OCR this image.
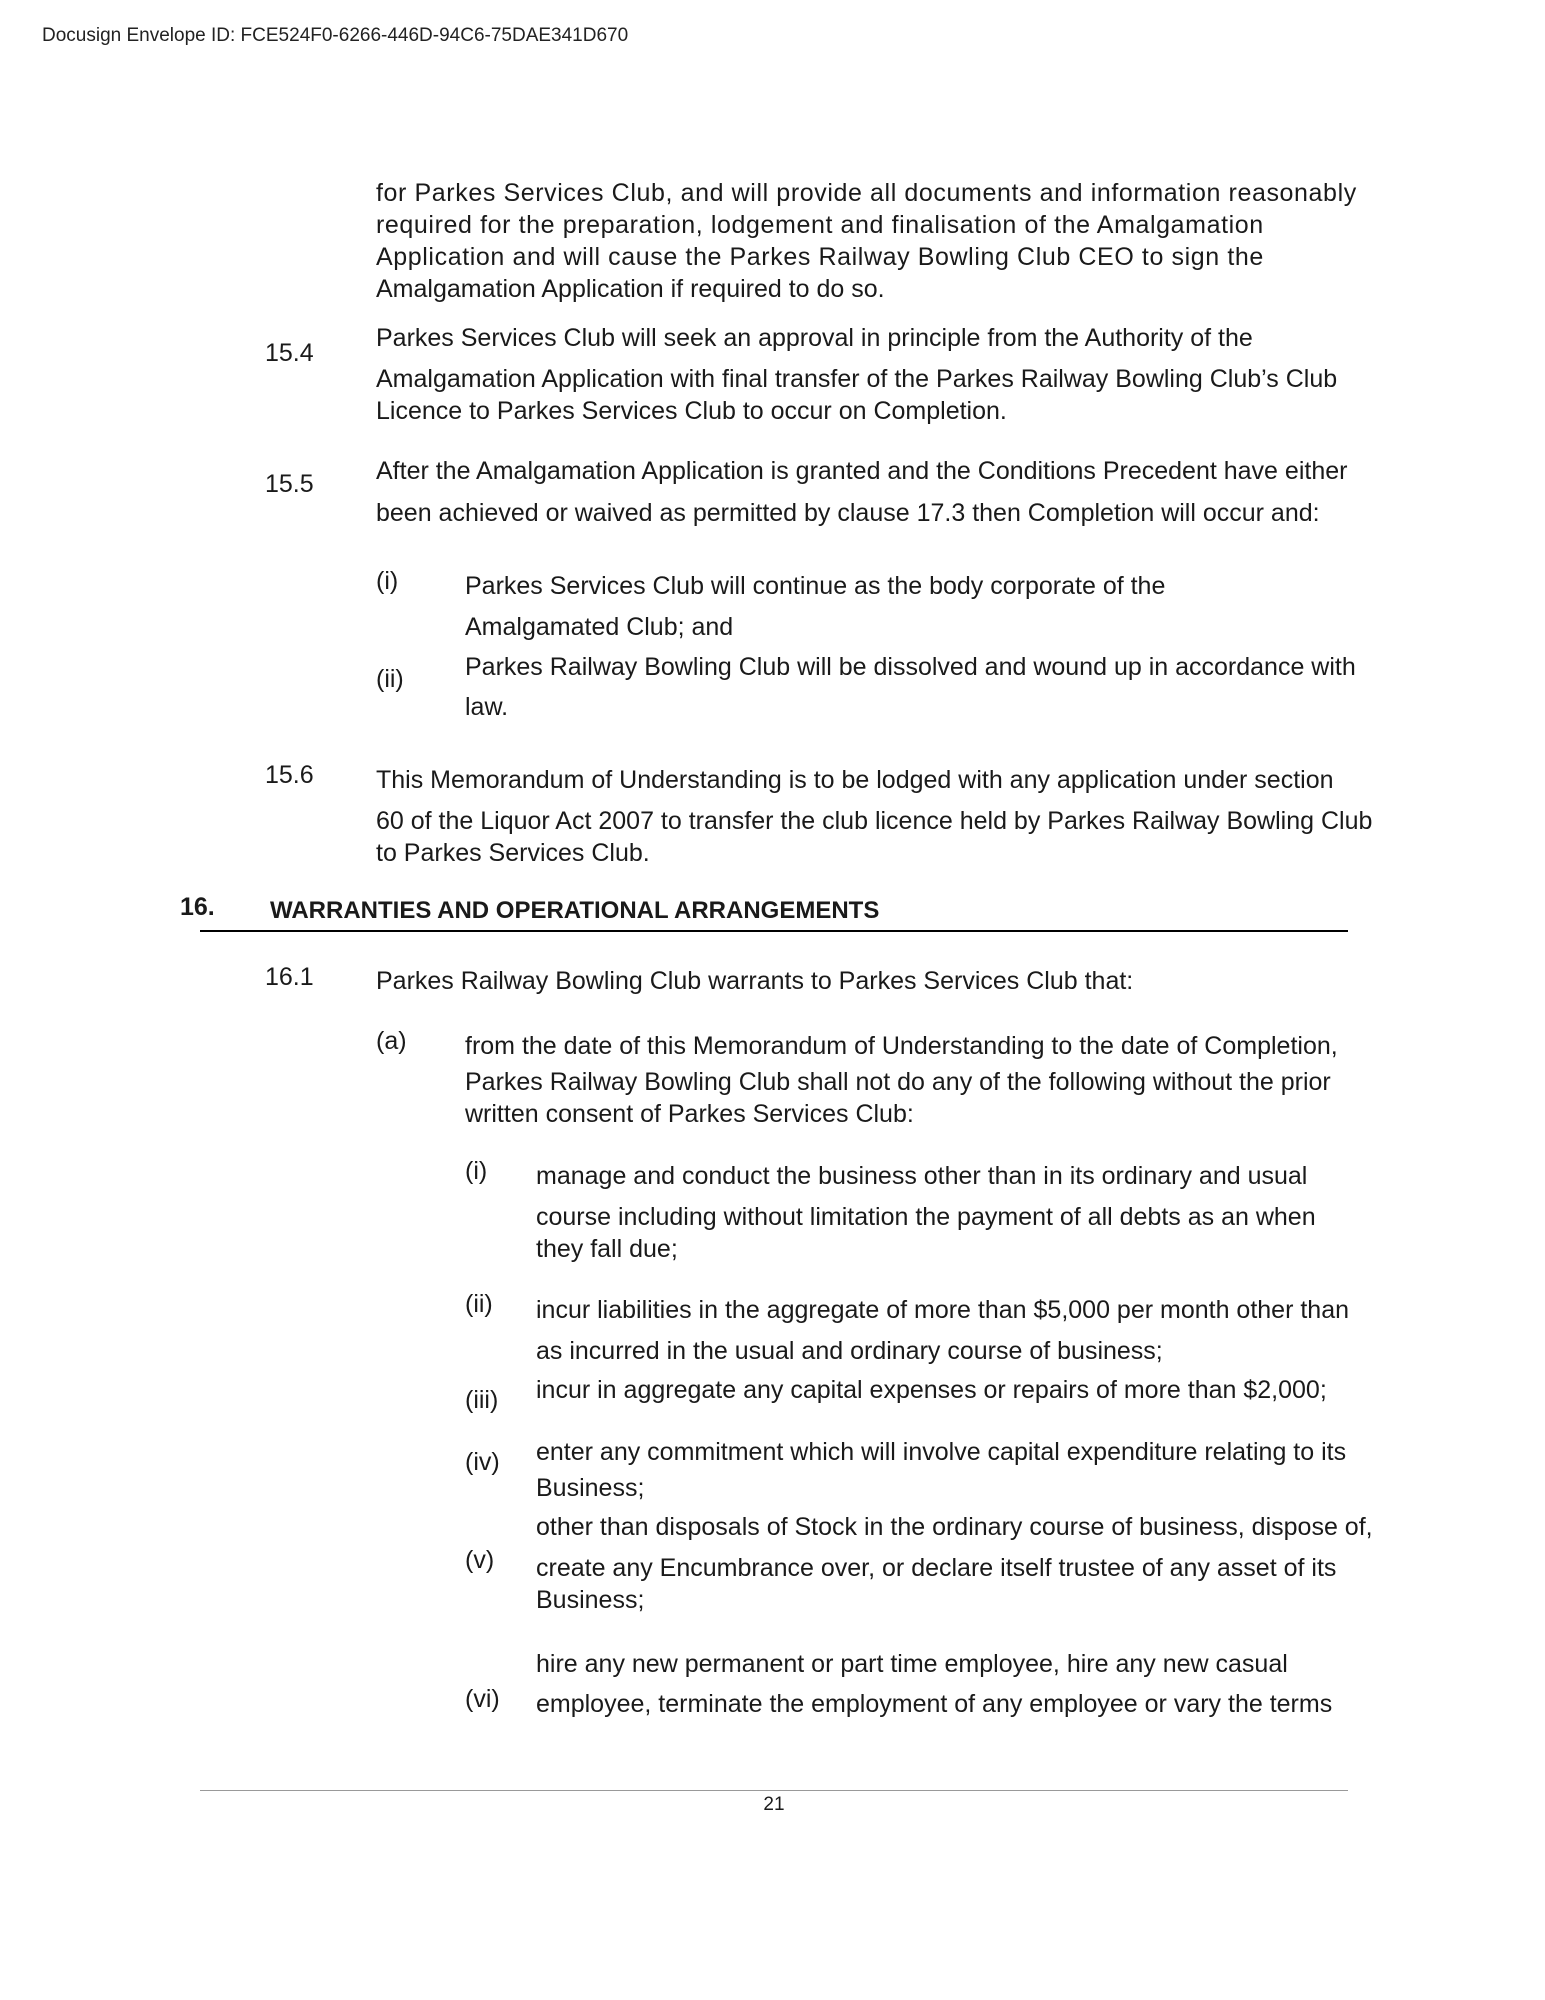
Docusign Envelope ID: FCE524F0-6266-446D-94C6-75DAE341D670
for Parkes Services Club, and will provide all documents and information reasonably
required for the preparation, lodgement and finalisation of the Amalgamation
Application and will cause the Parkes Railway Bowling Club CEO to sign the
Amalgamation Application if required to do so.
15.4
Parkes Services Club will seek an approval in principle from the Authority of the
Amalgamation Application with final transfer of the Parkes Railway Bowling Club’s Club
Licence to Parkes Services Club to occur on Completion.
15.5 After the Amalgamation Application is granted and the Conditions Precedent have either
been achieved or waived as permitted by clause 17.3 then Completion will occur and:
(i)	Parkes Services Club will continue as the body corporate of the
Amalgamated Club; and
(ii) Parkes Railway Bowling Club will be dissolved and wound up in accordance with
law.
15.6 This Memorandum of Understanding is to be lodged with any application under section
60 of the Liquor Act 2007 to transfer the club licence held by Parkes Railway Bowling Club
to Parkes Services Club.
16. WARRANTIES AND OPERATIONAL ARRANGEMENTS
16.1 Parkes Railway Bowling Club warrants to Parkes Services Club that:
(a) from the date of this Memorandum of Understanding to the date of Completion,
Parkes Railway Bowling Club shall not do any of the following without the prior
written consent of Parkes Services Club:
(i) manage and conduct the business other than in its ordinary and usual
course including without limitation the payment of all debts as an when
they fall due;
(ii) incur liabilities in the aggregate of more than $5,000 per month other than
as incurred in the usual and ordinary course of business;
(iii) incur in aggregate any capital expenses or repairs of more than $2,000;
(iv) enter any commitment which will involve capital expenditure relating to its
Business;
(v)
other than disposals of Stock in the ordinary course of business, dispose of,
create any Encumbrance over, or declare itself trustee of any asset of its
Business;
(vi)
hire any new permanent or part time employee, hire any new casual
employee, terminate the employment of any employee or vary the terms
21
